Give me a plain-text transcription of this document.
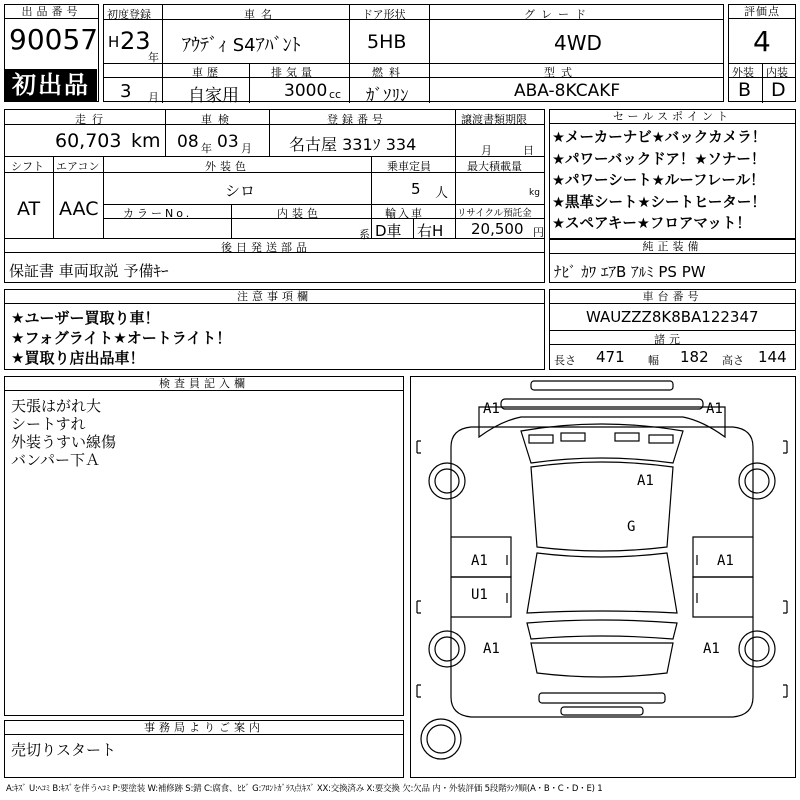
出品番号
90057
初出品
初度登録
H 23
年
3 月
車名
ｱｳﾃﾞｨ S4ｱﾊﾞﾝﾄ
ドア形状
5HB
グレード
4WD
車歴
自家用
排気量
3000 cc
燃料
ｶﾞｿﾘﾝ
型式
ABA-8KCAKF
評価点
4
外装 内装
B D
走行
60,703 km
車検
08 年 03 月
登録番号
名古屋 331ｿ 334
譲渡書類期限
月	日
シフト エアコン	外装色	乗車定員	最大積載量
AT AAC
シロ	5 人	kg
カラーNo.	内装色
系
輸入車	リサイクル預託金
D車 右H 20,500 円
後日発送部品
保証書 車両取説 予備ｷｰ
セールスポイント
★メーカーナビ★バックカメラ！
★パワーバックドア！★ソナー！
★パワーシート★ルーフレール！
★黒革シート★シートヒーター！
★スペアキー★フロアマット！
純正装備
ﾅﾋﾞ ｶﾜ ｴｱB ｱﾙﾐ PS PW
注意事項欄
★ユーザー買取り車！
★フォグライト★オートライト！
★買取り店出品車！
車台番号
WAUZZZ8K8BA122347
諸元
長さ 471 幅 182 高さ 144
検査員記入欄
天張はがれ大
シートすれ
外装うすい線傷
バンパー下Ａ
事務局よりご案内
売切りスタート
A1	A1
A1
G
A1	A1
U1
A1	A1
A:ｷｽﾞ U:ﾍｺﾐ B:ｷｽﾞを伴うﾍｺﾐ P:要塗装 W:補修跡 S:錆 C:腐食、ﾋﾋﾞ G:ﾌﾛﾝﾄｶﾞﾗｽ点ｷｽﾞ XX:交換済み X:要交換 欠:欠品 内・外装評価 5段階ﾗﾝｸ順(A・B・C・D・E) 1
